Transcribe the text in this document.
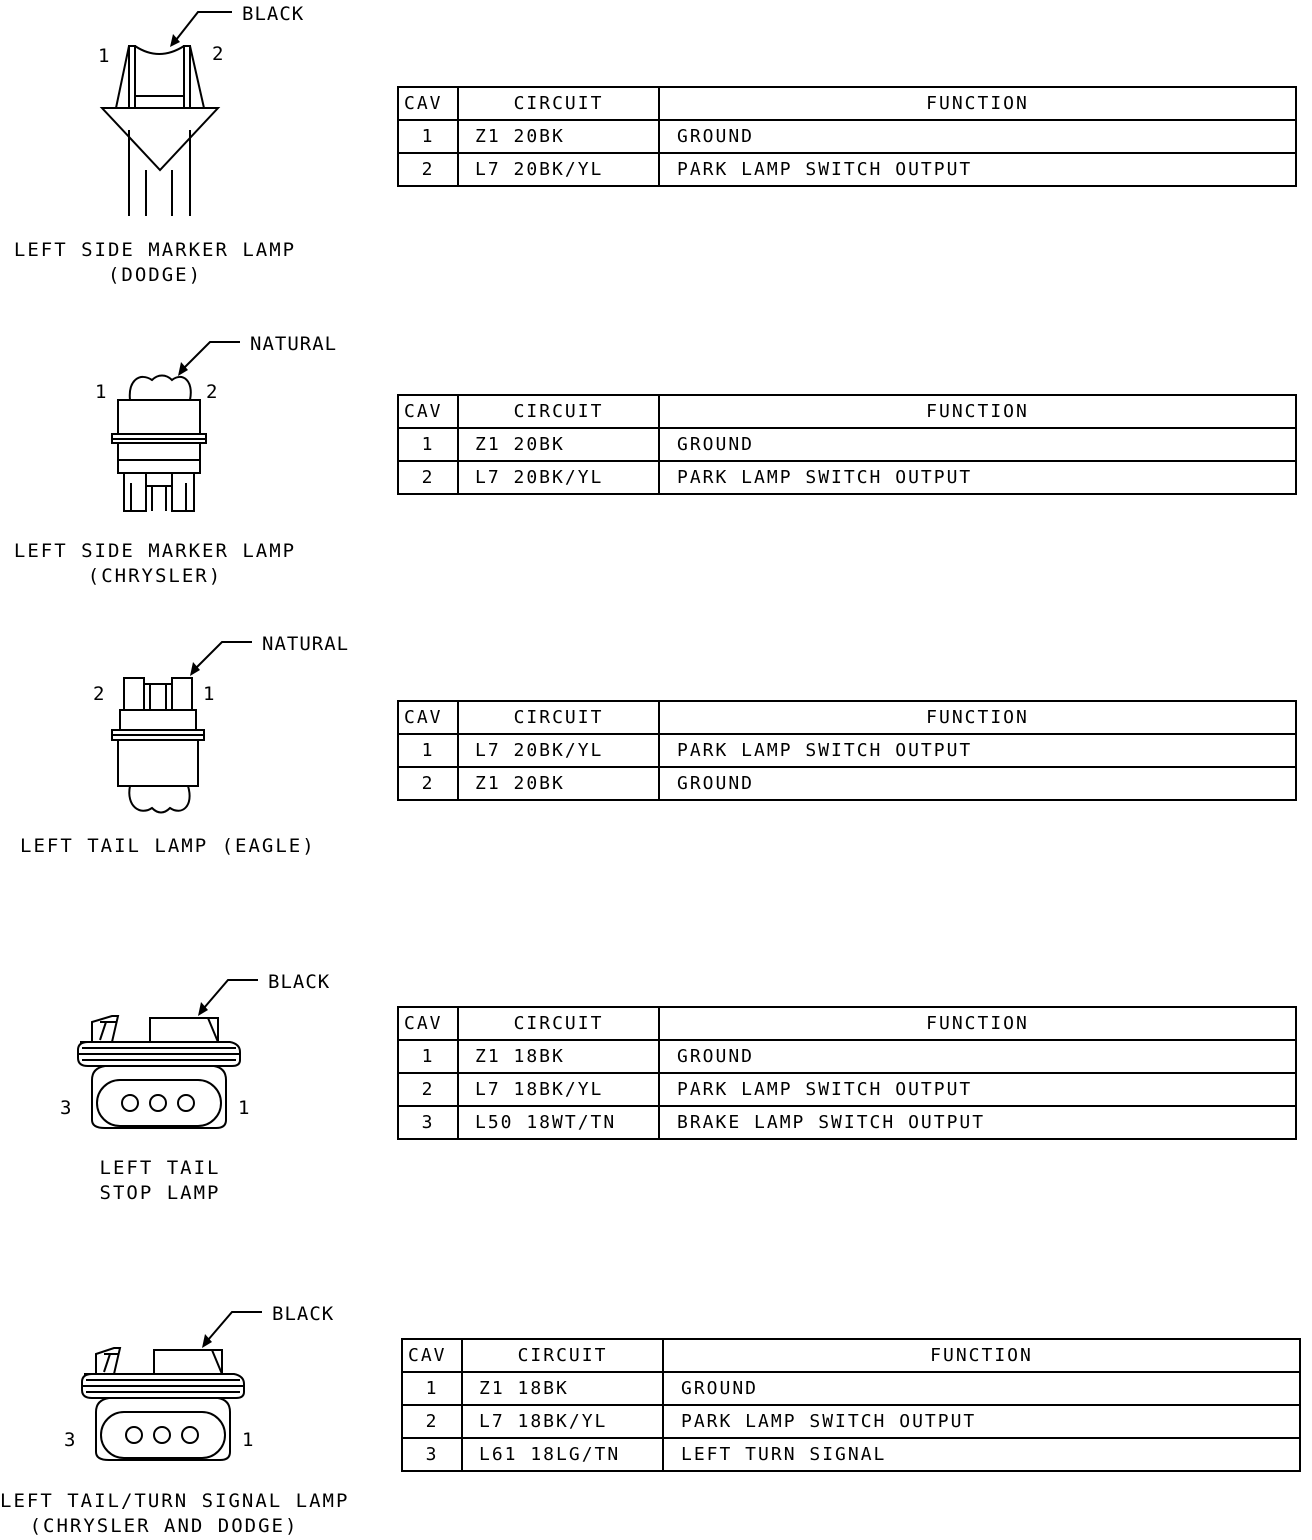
BLACK
1	2
LEFT SIDE MARKER LAMP
(DODGE)
CAV	CIRCUIT	FUNCTION
1	Z1 20BK	GROUND
2	L7 20BK/YL	PARK LAMP SWITCH OUTPUT
NATURAL
1	2
LEFT SIDE MARKER LAMP
(CHRYSLER)
CAV	CIRCUIT	FUNCTION
1	Z1 20BK	GROUND
2	L7 20BK/YL	PARK LAMP SWITCH OUTPUT
NATURAL
2	1
LEFT TAIL LAMP (EAGLE)
CAV	CIRCUIT	FUNCTION
1	L7 20BK/YL	PARK LAMP SWITCH OUTPUT
2	Z1 20BK	GROUND
BLACK
3	1
LEFT TAIL
STOP LAMP
CAV	CIRCUIT	FUNCTION
1	Z1 18BK	GROUND
2	L7 18BK/YL	PARK LAMP SWITCH OUTPUT
3	L50 18WT/TN	BRAKE LAMP SWITCH OUTPUT
BLACK
3	1
LEFT TAIL/TURN SIGNAL LAMP
(CHRYSLER AND DODGE)
CAV	CIRCUIT	FUNCTION
1	Z1 18BK	GROUND
2	L7 18BK/YL	PARK LAMP SWITCH OUTPUT
3	L61 18LG/TN	LEFT TURN SIGNAL
